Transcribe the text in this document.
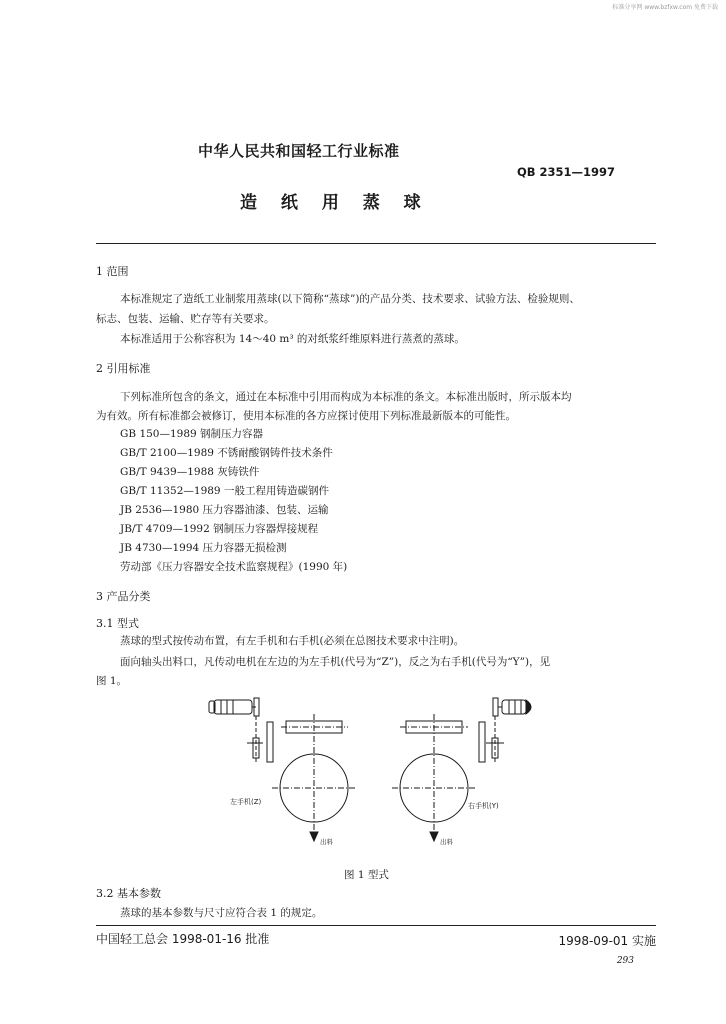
标准分享网 www.bzfxw.com 免费下载
中华人民共和国轻工行业标准
QB 2351—1997
造 纸 用 蒸 球
1 范围
本标准规定了造纸工业制浆用蒸球(以下简称“蒸球”)的产品分类、技术要求、试验方法、检验规则、
标志、包装、运输、贮存等有关要求。
本标准适用于公称容积为 14～40 m³ 的对纸浆纤维原料进行蒸煮的蒸球。
2 引用标准
下列标准所包含的条文，通过在本标准中引用而构成为本标准的条文。本标准出版时，所示版本均
为有效。所有标准都会被修订，使用本标准的各方应探讨使用下列标准最新版本的可能性。
GB 150—1989 钢制压力容器
GB/T 2100—1989 不锈耐酸钢铸件技术条件
GB/T 9439—1988 灰铸铁件
GB/T 11352—1989 一般工程用铸造碳钢件
JB 2536—1980 压力容器油漆、包装、运输
JB/T 4709—1992 钢制压力容器焊接规程
JB 4730—1994 压力容器无损检测
劳动部《压力容器安全技术监察规程》(1990 年)
3 产品分类
3.1 型式
蒸球的型式按传动布置，有左手机和右手机(必须在总图技术要求中注明)。
面向轴头出料口，凡传动电机在左边的为左手机(代号为“Z”)，反之为右手机(代号为“Y”)，见
图 1。
左手机(Z)	右手机(Y)
出料	出料
图 1 型式
3.2 基本参数
蒸球的基本参数与尺寸应符合表 1 的规定。
中国轻工总会 1998-01-16 批准	1998-09-01 实施
293
